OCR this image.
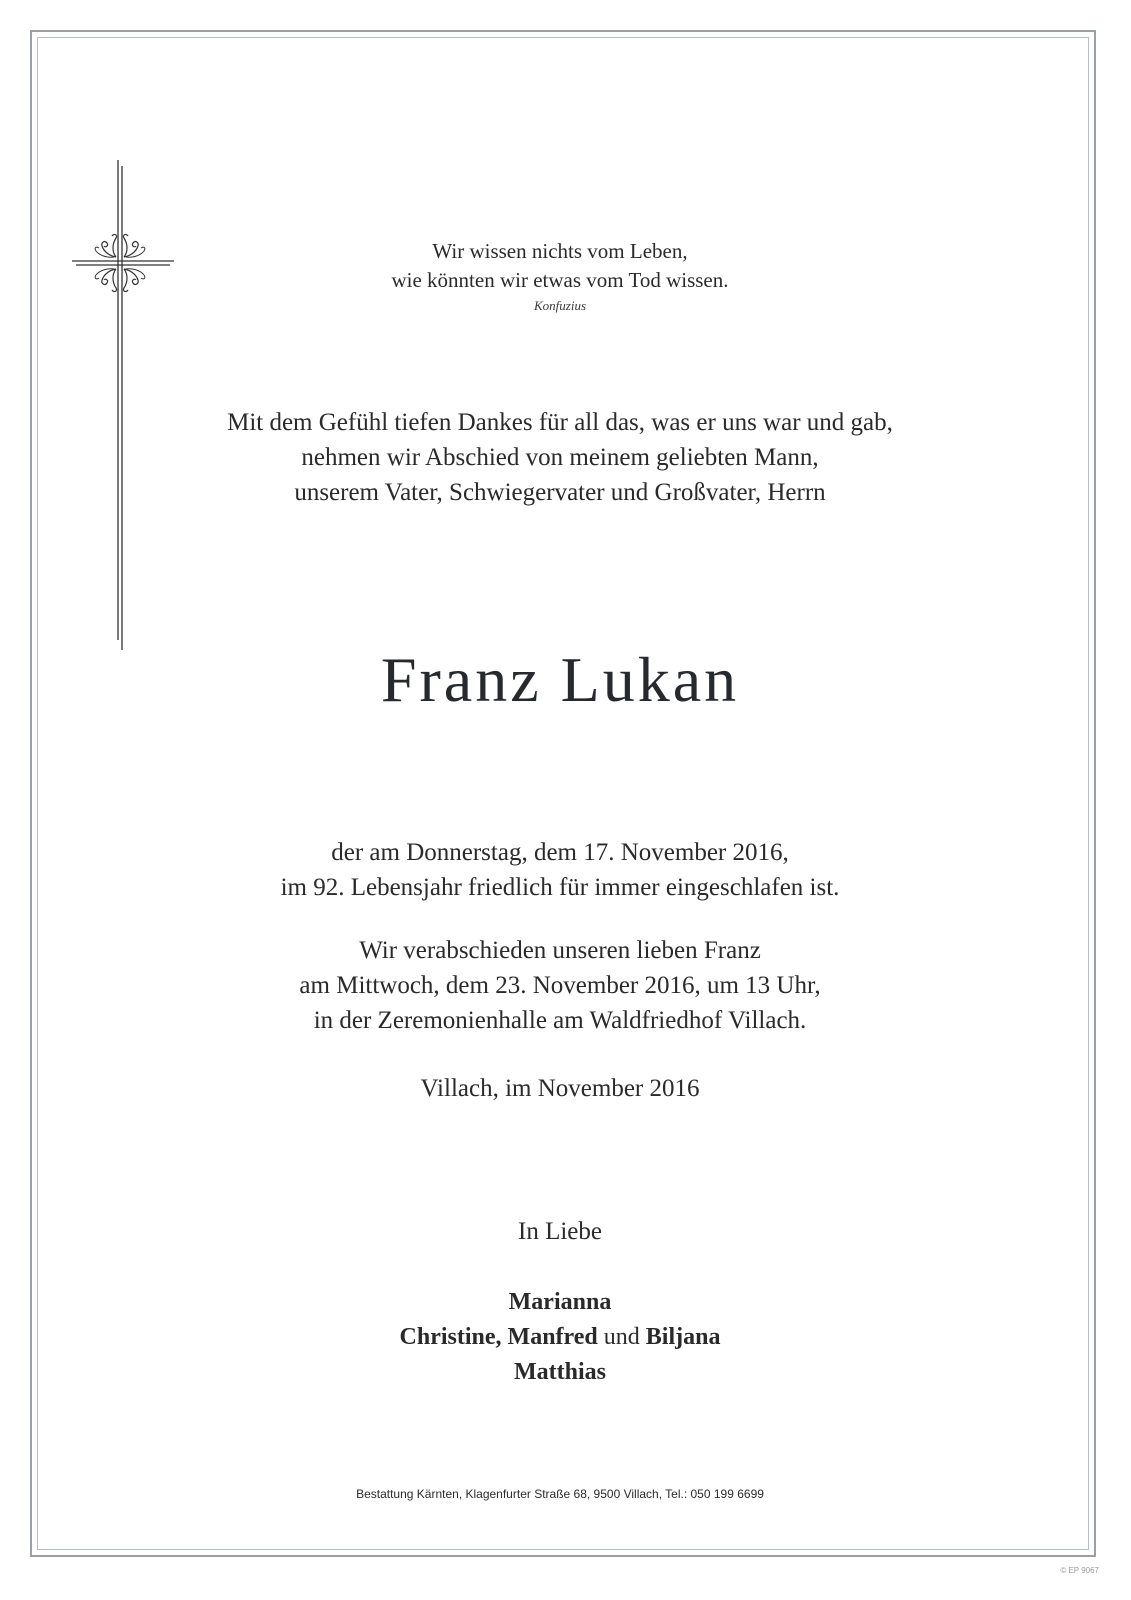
Wir wissen nichts vom Leben,
wie könnten wir etwas vom Tod wissen.
Konfuzius
Mit dem Gefühl tiefen Dankes für all das, was er uns war und gab,
nehmen wir Abschied von meinem geliebten Mann,
unserem Vater, Schwiegervater und Großvater, Herrn
Franz Lukan
der am Donnerstag, dem 17. November 2016,
im 92. Lebensjahr friedlich für immer eingeschlafen ist.
Wir verabschieden unseren lieben Franz
am Mittwoch, dem 23. November 2016, um 13 Uhr,
in der Zeremonienhalle am Waldfriedhof Villach.
Villach, im November 2016
In Liebe
Marianna
Christine, Manfred und Biljana
Matthias
Bestattung Kärnten, Klagenfurter Straße 68, 9500 Villach, Tel.: 050 199 6699
© EP 9067
